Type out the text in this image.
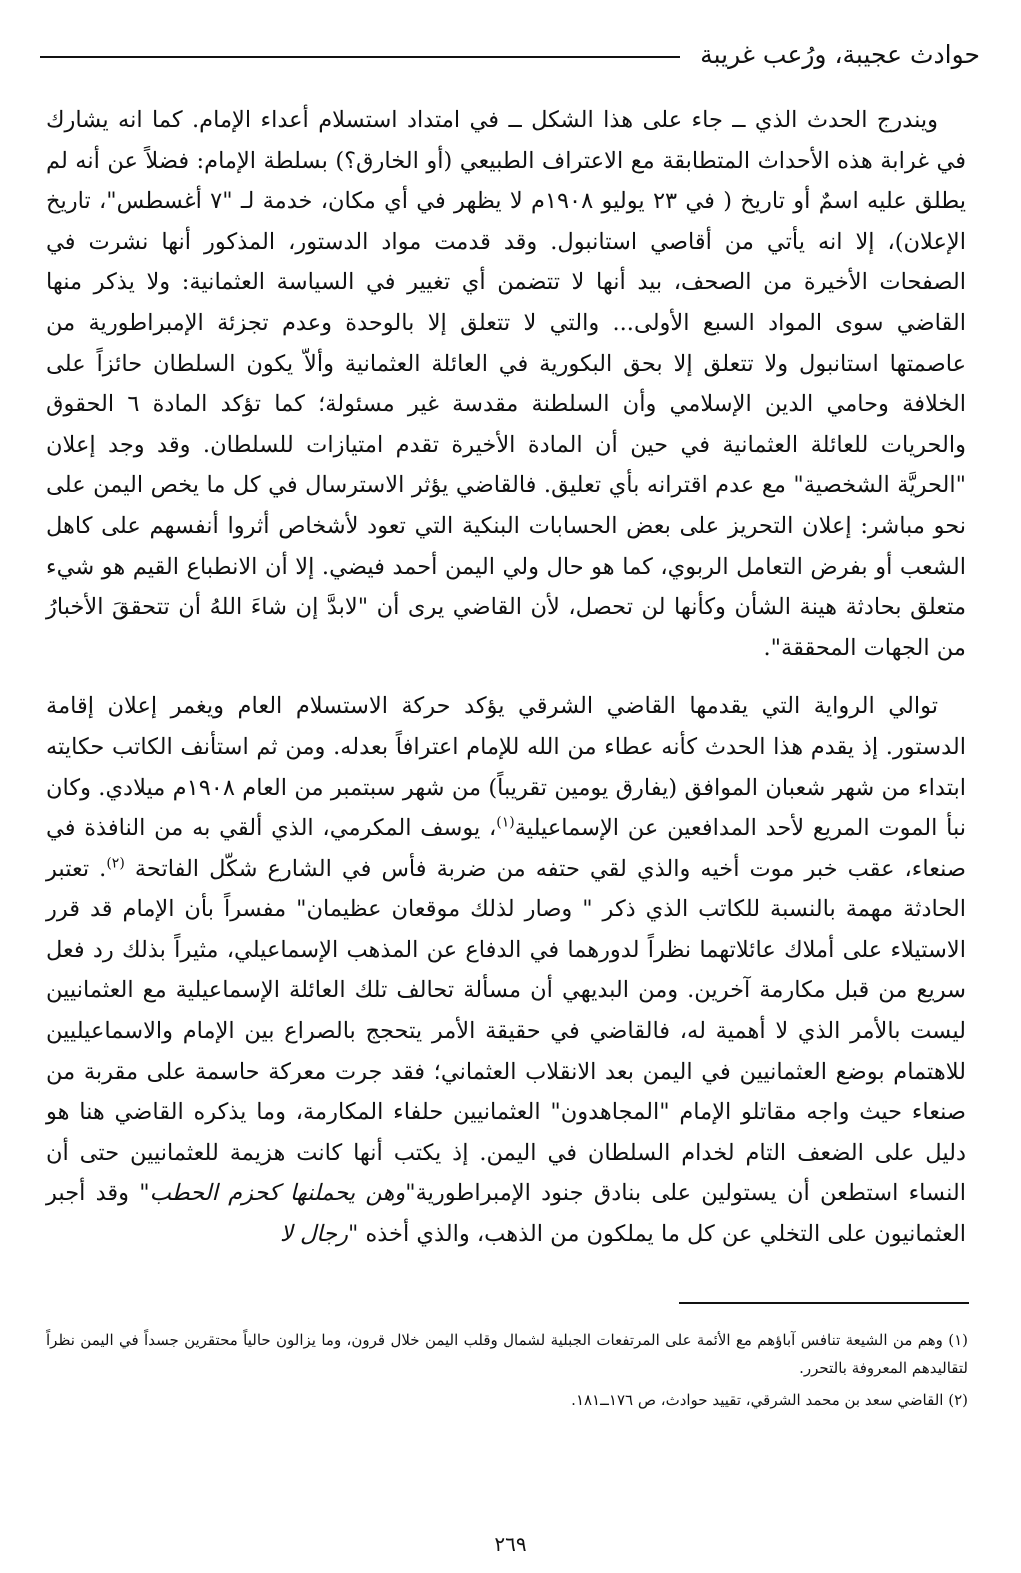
حوادث عجيبة، ورُعب غريبة

ويندرج الحدث الذي ــ جاء على هذا الشكل ــ في امتداد استسلام أعداء الإمام. كما انه يشارك في غرابة هذه الأحداث المتطابقة مع الاعتراف الطبيعي (أو الخارق؟) بسلطة الإمام: فضلاً عن أنه لم يطلق عليه اسمٌ أو تاريخ ( في ٢٣ يوليو ١٩٠٨م لا يظهر في أي مكان، خدمة لـ "٧ أغسطس"، تاريخ الإعلان)، إلا انه يأتي من أقاصي استانبول. وقد قدمت مواد الدستور، المذكور أنها نشرت في الصفحات الأخيرة من الصحف، بيد أنها لا تتضمن أي تغيير في السياسة العثمانية: ولا يذكر منها القاضي سوى المواد السبع الأولى... والتي لا تتعلق إلا بالوحدة وعدم تجزئة الإمبراطورية من عاصمتها استانبول ولا تتعلق إلا بحق البكورية في العائلة العثمانية وألاّ يكون السلطان حائزاً على الخلافة وحامي الدين الإسلامي وأن السلطنة مقدسة غير مسئولة؛ كما تؤكد المادة ٦ الحقوق والحريات للعائلة العثمانية في حين أن المادة الأخيرة تقدم امتيازات للسلطان. وقد وجد إعلان "الحريَّة الشخصية" مع عدم اقترانه بأي تعليق. فالقاضي يؤثر الاسترسال في كل ما يخص اليمن على نحو مباشر: إعلان التحريز على بعض الحسابات البنكية التي تعود لأشخاص أثروا أنفسهم على كاهل الشعب أو بفرض التعامل الربوي، كما هو حال ولي اليمن أحمد فيضي. إلا أن الانطباع القيم هو شيء متعلق بحادثة هينة الشأن وكأنها لن تحصل، لأن القاضي يرى أن "لابدَّ إن شاءَ اللهُ أن تتحققَ الأخبارُ من الجهات المحققة".

توالي الرواية التي يقدمها القاضي الشرقي يؤكد حركة الاستسلام العام ويغمر إعلان إقامة الدستور. إذ يقدم هذا الحدث كأنه عطاء من الله للإمام اعترافاً بعدله. ومن ثم استأنف الكاتب حكايته ابتداء من شهر شعبان الموافق (يفارق يومين تقريباً) من شهر سبتمبر من العام ١٩٠٨م ميلادي. وكان نبأ الموت المريع لأحد المدافعين عن الإسماعيلية$^{(١)}$، يوسف المكرمي، الذي ألقي به من النافذة في صنعاء، عقب خبر موت أخيه والذي لقي حتفه من ضربة فأس في الشارع شكّل الفاتحة $^{(٢)}$. تعتبر الحادثة مهمة بالنسبة للكاتب الذي ذكر " وصار لذلك موقعان عظيمان" مفسراً بأن الإمام قد قرر الاستيلاء على أملاك عائلاتهما نظراً لدورهما في الدفاع عن المذهب الإسماعيلي، مثيراً بذلك رد فعل سريع من قبل مكارمة آخرين. ومن البديهي أن مسألة تحالف تلك العائلة الإسماعيلية مع العثمانيين ليست بالأمر الذي لا أهمية له، فالقاضي في حقيقة الأمر يتحجج بالصراع بين الإمام والاسماعيليين للاهتمام بوضع العثمانيين في اليمن بعد الانقلاب العثماني؛ فقد جرت معركة حاسمة على مقربة من صنعاء حيث واجه مقاتلو الإمام "المجاهدون" العثمانيين حلفاء المكارمة، وما يذكره القاضي هنا هو دليل على الضعف التام لخدام السلطان في اليمن. إذ يكتب أنها كانت هزيمة للعثمانيين حتى أن النساء استطعن أن يستولين على بنادق جنود الإمبراطورية"وهن يحملنها كحزم الحطب" وقد أجبر العثمانيون على التخلي عن كل ما يملكون من الذهب، والذي أخذه "رجال لا

(١) وهم من الشيعة تنافس آباؤهم مع الأئمة على المرتفعات الجبلية لشمال وقلب اليمن خلال قرون، وما يزالون حالياً محتقرين جسداً في اليمن نظراً لتقاليدهم المعروفة بالتحرر.

(٢) القاضي سعد بن محمد الشرقي، تقييد حوادث، ص ١٧٦ــ١٨١.

٢٦٩
